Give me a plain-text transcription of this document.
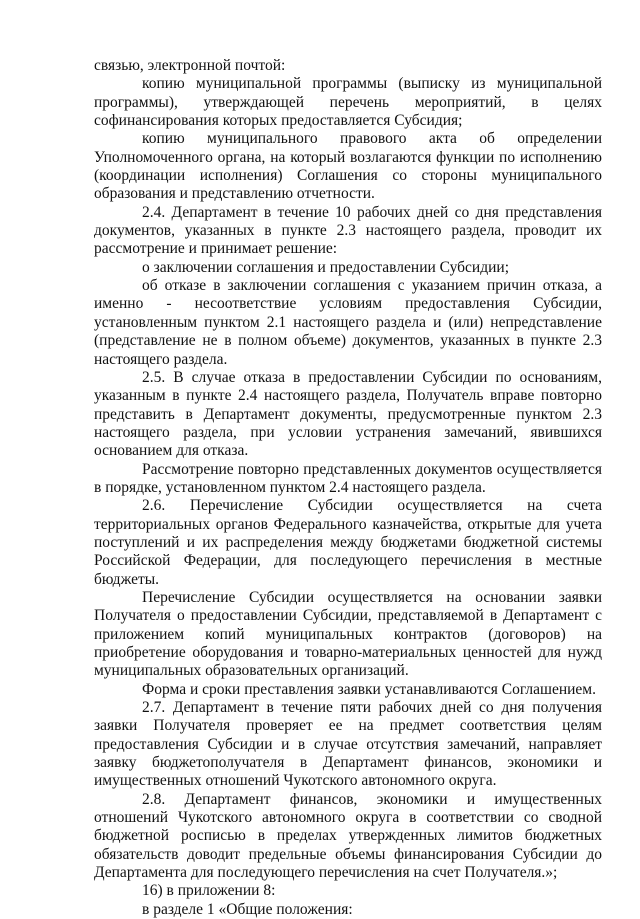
связью, электронной почтой:

копию муниципальной программы (выписку из муниципальной программы), утверждающей перечень мероприятий, в целях софинансирования которых предоставляется Субсидия;

копию муниципального правового акта об определении Уполномоченного органа, на который возлагаются функции по исполнению (координации исполнения) Соглашения со стороны муниципального образования и представлению отчетности.

2.4. Департамент в течение 10 рабочих дней со дня представления документов, указанных в пункте 2.3 настоящего раздела, проводит их рассмотрение и принимает решение:

о заключении соглашения и предоставлении Субсидии;

об отказе в заключении соглашения с указанием причин отказа, а именно - несоответствие условиям предоставления Субсидии, установленным пунктом 2.1 настоящего раздела и (или) непредставление (представление не в полном объеме) документов, указанных в пункте 2.3 настоящего раздела.

2.5. В случае отказа в предоставлении Субсидии по основаниям, указанным в пункте 2.4 настоящего раздела, Получатель вправе повторно представить в Департамент документы, предусмотренные пунктом 2.3 настоящего раздела, при условии устранения замечаний, явившихся основанием для отказа.

Рассмотрение повторно представленных документов осуществляется в порядке, установленном пунктом 2.4 настоящего раздела.

2.6. Перечисление Субсидии осуществляется на счета территориальных органов Федерального казначейства, открытые для учета поступлений и их распределения между бюджетами бюджетной системы Российской Федерации, для последующего перечисления в местные бюджеты.

Перечисление Субсидии осуществляется на основании заявки Получателя о предоставлении Субсидии, представляемой в Департамент с приложением копий муниципальных контрактов (договоров) на приобретение оборудования и товарно-материальных ценностей для нужд муниципальных образовательных организаций.

Форма и сроки преставления заявки устанавливаются Соглашением.

2.7. Департамент в течение пяти рабочих дней со дня получения заявки Получателя проверяет ее на предмет соответствия целям предоставления Субсидии и в случае отсутствия замечаний, направляет заявку бюджетополучателя в Департамент финансов, экономики и имущественных отношений Чукотского автономного округа.

2.8. Департамент финансов, экономики и имущественных отношений Чукотского автономного округа в соответствии со сводной бюджетной росписью в пределах утвержденных лимитов бюджетных обязательств доводит предельные объемы финансирования Субсидии до Департамента для последующего перечисления на счет Получателя.»;

16) в приложении 8:

в разделе 1 «Общие положения:
